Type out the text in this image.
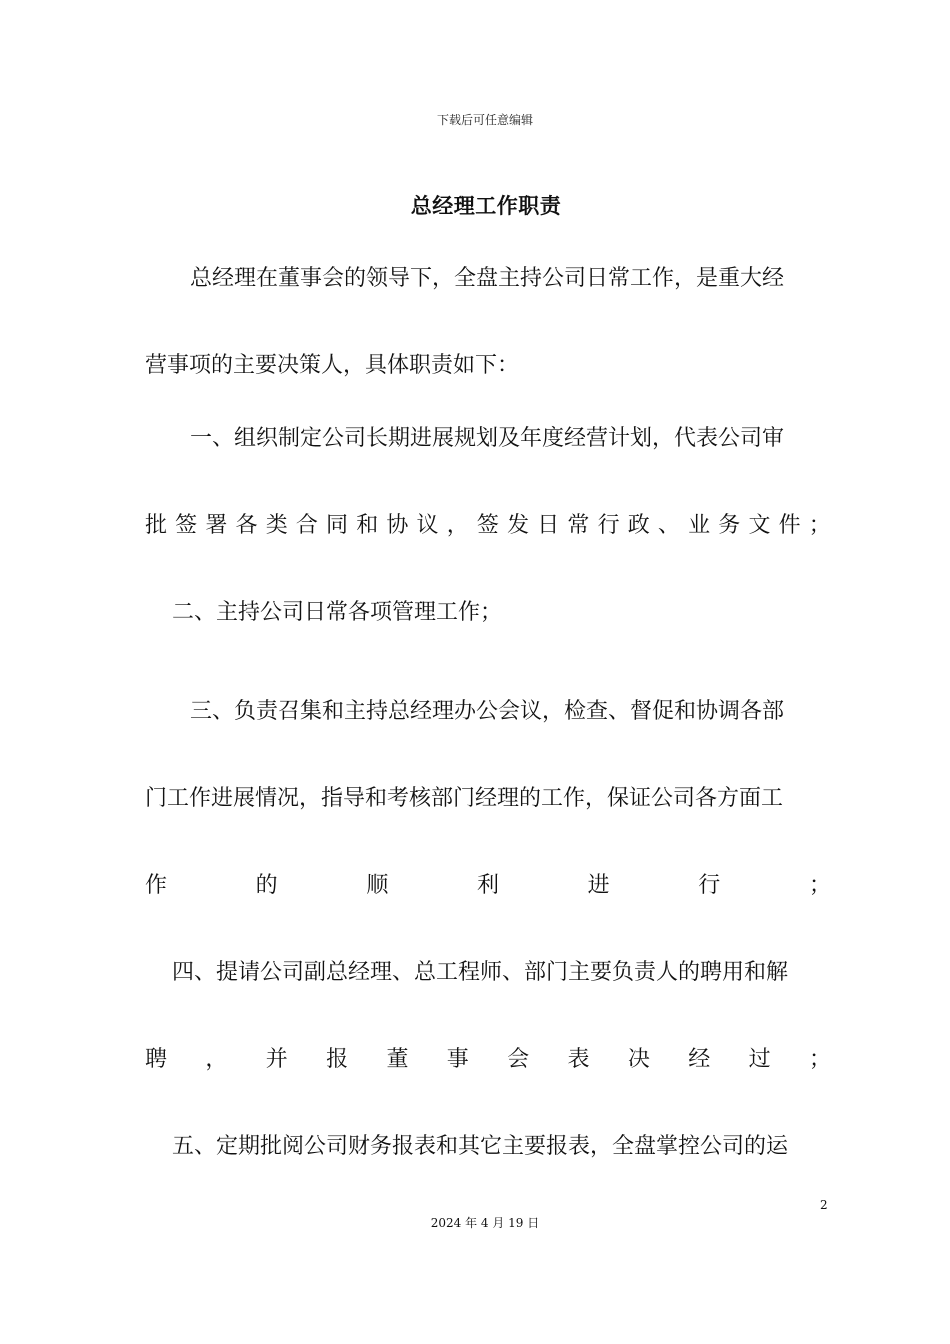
下载后可任意编辑
总经理工作职责
总经理在董事会的领导下，全盘主持公司日常工作，是重大经
营事项的主要决策人，具体职责如下：
一、组织制定公司长期进展规划及年度经营计划，代表公司审
批 签 署 各 类 合 同 和 协 议 ， 签 发 日 常 行 政 、 业 务 文 件 ；
二、主持公司日常各项管理工作；
三、负责召集和主持总经理办公会议，检查、督促和协调各部
门工作进展情况，指导和考核部门经理的工作，保证公司各方面工
作	的	顺	利	进	行	；
四、提请公司副总经理、总工程师、部门主要负责人的聘用和解
聘 ， 并 报 董 事 会 表 决 经 过 ；
五、定期批阅公司财务报表和其它主要报表，全盘掌控公司的运
2
2024 年 4 月 19 日
